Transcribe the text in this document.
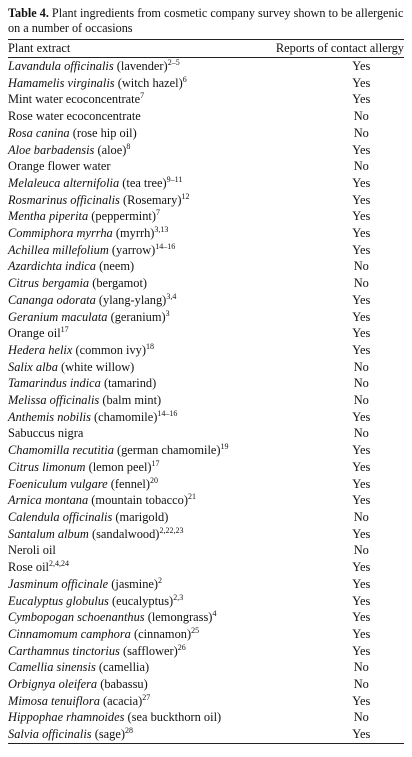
Table 4. Plant ingredients from cosmetic company survey shown to be allergenic on a number of occasions

Plant extract	Reports of contact allergy
Lavandula officinalis (lavender)$^{2-5}$	Yes
Hamamelis virginalis (witch hazel)$^6$	Yes
Mint water ecoconcentrate$^7$	Yes
Rose water ecoconcentrate	No
Rosa canina (rose hip oil)	No
Aloe barbadensis (aloe)$^8$	Yes
Orange flower water	No
Melaleuca alternifolia (tea tree)$^{9-11}$	Yes
Rosmarinus officinalis (Rosemary)$^{12}$	Yes
Mentha piperita (peppermint)$^7$	Yes
Commiphora myrrha (myrrh)$^{3,13}$	Yes
Achillea millefolium (yarrow)$^{14-16}$	Yes
Azardichta indica (neem)	No
Citrus bergamia (bergamot)	No
Cananga odorata (ylang-ylang)$^{3,4}$	Yes
Geranium maculata (geranium)$^3$	Yes
Orange oil$^{17}$	Yes
Hedera helix (common ivy)$^{18}$	Yes
Salix alba (white willow)	No
Tamarindus indica (tamarind)	No
Melissa officinalis (balm mint)	No
Anthemis nobilis (chamomile)$^{14-16}$	Yes
Sabuccus nigra	No
Chamomilla recutitia (german chamomile)$^{19}$	Yes
Citrus limonum (lemon peel)$^{17}$	Yes
Foeniculum vulgare (fennel)$^{20}$	Yes
Arnica montana (mountain tobacco)$^{21}$	Yes
Calendula officinalis (marigold)	No
Santalum album (sandalwood)$^{2,22,23}$	Yes
Neroli oil	No
Rose oil$^{2,4,24}$	Yes
Jasminum officinale $(jasmine)^2$	Yes
Eucalyptus globulus (eucalyptus)$^{2,3}$	Yes
Cymbopogan schoenanthus (lemongrass)$^4$	Yes
Cinnamomum camphora (cinnamon)$^{25}$	Yes
Carthamnus tinctorius (safflower)$^{26}$	Yes
Camellia sinensis (camellia)	No
Orbignya oleifera (babassu)	No
Mimosa tenuiflora (acacia)$^{27}$	Yes
Hippophae rhamnoides (sea buckthorn oil)	No
Salvia officinalis (sage)$^{28}$	Yes
